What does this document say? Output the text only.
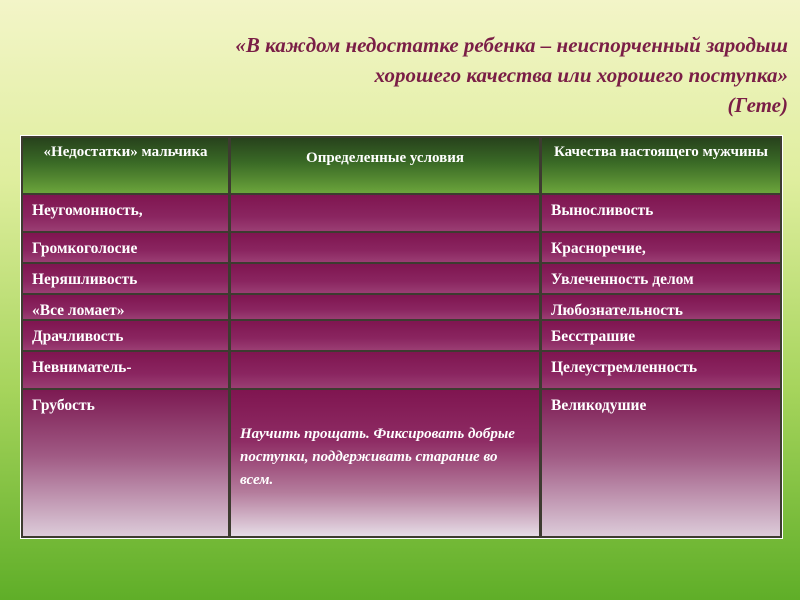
«В каждом недостатке ребенка – неиспорченный зародыш
хорошего качества или хорошего поступка»
(Гете)
«Недостатки» мальчика	Определенные условия	Качества настоящего мужчины
Неугомонность,
Громкоголосие
Неряшливость
«Все ломает»
Драчливость
Невниматель-
Грубость
Выносливость
Красноречие,
Увлеченность делом
Любознательность
Бесстрашие
Целеустремленность
Великодушие
Научить прощать. Фиксировать добрые поступки, поддерживать старание во всем.
